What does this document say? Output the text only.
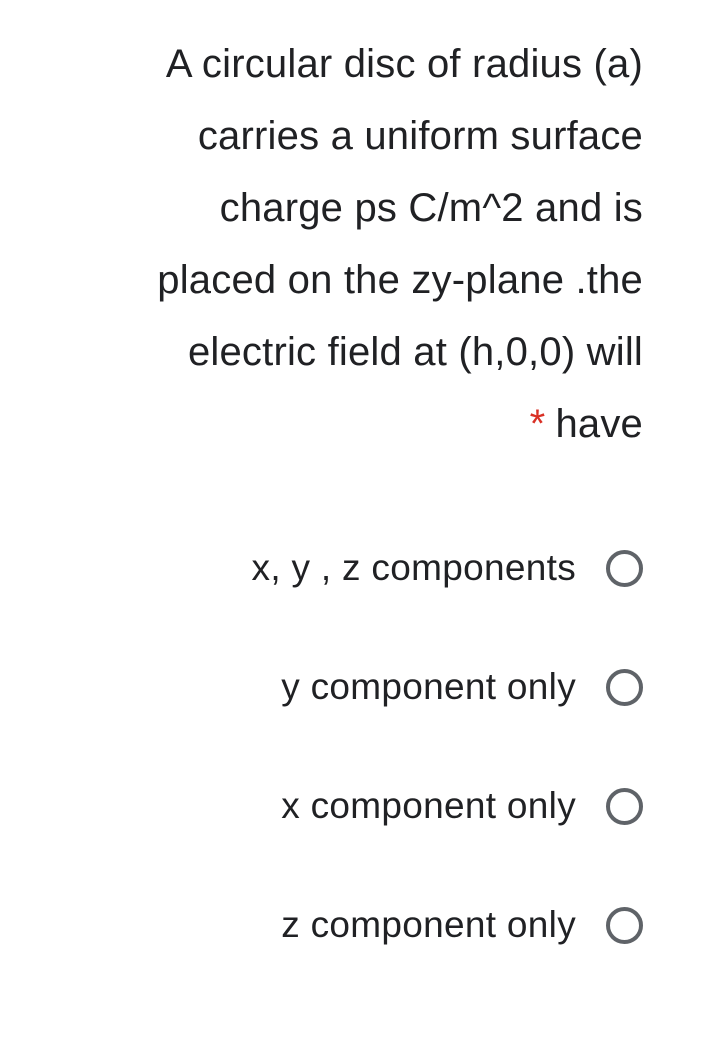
A circular disc of radius (a)
carries a uniform surface
charge ps C/m^2 and is
placed on the zy-plane .the
electric field at (h,0,0) will
* have
x, y , z components
y component only
x component only
z component only
